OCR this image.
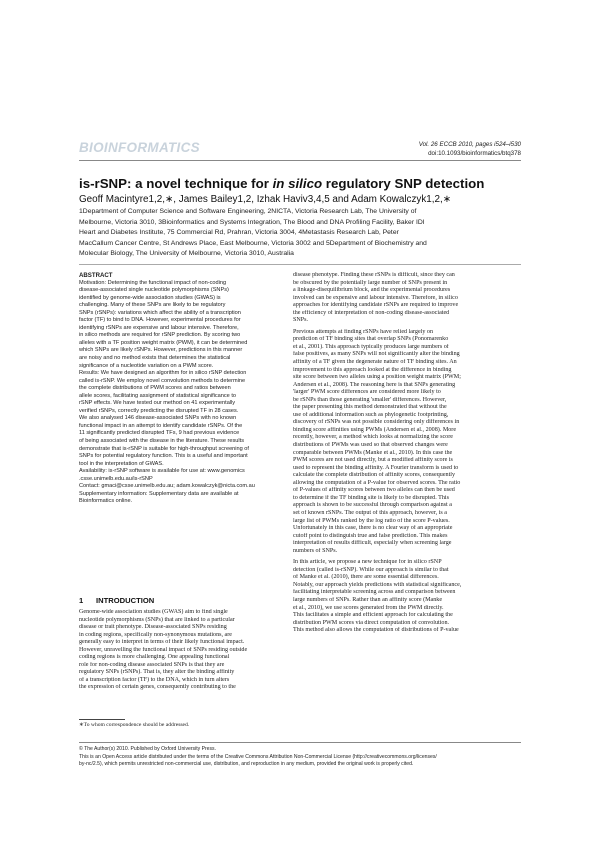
BIOINFORMATICS	Vol. 26 ECCB 2010, pages i524–i530
doi:10.1093/bioinformatics/btq378
is-rSNP: a novel technique for in silico regulatory SNP detection
Geoff Macintyre1,2,∗, James Bailey1,2, Izhak Haviv3,4,5 and Adam Kowalczyk1,2,∗
1Department of Computer Science and Software Engineering, 2NICTA, Victoria Research Lab, The University of
Melbourne, Victoria 3010, 3Bioinformatics and Systems Integration, The Blood and DNA Profiling Facility, Baker IDI
Heart and Diabetes Institute, 75 Commercial Rd, Prahran, Victoria 3004, 4Metastasis Research Lab, Peter
MacCallum Cancer Centre, St Andrews Place, East Melbourne, Victoria 3002 and 5Department of Biochemistry and
Molecular Biology, The University of Melbourne, Victoria 3010, Australia
ABSTRACT
Motivation: Determining the functional impact of non-coding
disease-associated single nucleotide polymorphisms (SNPs)
identified by genome-wide association studies (GWAS) is
challenging. Many of these SNPs are likely to be regulatory
SNPs (rSNPs): variations which affect the ability of a transcription
factor (TF) to bind to DNA. However, experimental procedures for
identifying rSNPs are expensive and labour intensive. Therefore,
in silico methods are required for rSNP prediction. By scoring two
alleles with a TF position weight matrix (PWM), it can be determined
which SNPs are likely rSNPs. However, predictions in this manner
are noisy and no method exists that determines the statistical
significance of a nucleotide variation on a PWM score.
Results: We have designed an algorithm for in silico rSNP detection
called is-rSNP. We employ novel convolution methods to determine
the complete distributions of PWM scores and ratios between
allele scores, facilitating assignment of statistical significance to
rSNP effects. We have tested our method on 41 experimentally
verified rSNPs, correctly predicting the disrupted TF in 28 cases.
We also analysed 146 disease-associated SNPs with no known
functional impact in an attempt to identify candidate rSNPs. Of the
11 significantly predicted disrupted TFs, 9 had previous evidence
of being associated with the disease in the literature. These results
demonstrate that is-rSNP is suitable for high-throughput screening of
SNPs for potential regulatory function. This is a useful and important
tool in the interpretation of GWAS.
Availability: is-rSNP software is available for use at: www.genomics
.csse.unimelb.edu.au/is-rSNP
Contact: gmaci@csse.unimelb.edu.au; adam.kowalczyk@nicta.com.au
Supplementary information: Supplementary data are available at
Bioinformatics online.
1 INTRODUCTION
Genome-wide association studies (GWAS) aim to find single
nucleotide polymorphisms (SNPs) that are linked to a particular
disease or trait phenotype. Disease-associated SNPs residing
in coding regions, specifically non-synonymous mutations, are
generally easy to interpret in terms of their likely functional impact.
However, unravelling the functional impact of SNPs residing outside
coding regions is more challenging. One appealing functional
role for non-coding disease associated SNPs is that they are
regulatory SNPs (rSNPs). That is, they alter the binding affinity
of a transcription factor (TF) to the DNA, which in turn alters
the expression of certain genes, consequently contributing to the
disease phenotype. Finding these rSNPs is difficult, since they can
be obscured by the potentially large number of SNPs present in
a linkage-disequilibrium block, and the experimental procedures
involved can be expensive and labour intensive. Therefore, in silico
approaches for identifying candidate rSNPs are required to improve
the efficiency of interpretation of non-coding disease-associated
SNPs.
Previous attempts at finding rSNPs have relied largely on
prediction of TF binding sites that overlap SNPs (Ponomarenko
et al., 2001). This approach typically produces large numbers of
false positives, as many SNPs will not significantly alter the binding
affinity of a TF given the degenerate nature of TF binding sites. An
improvement to this approach looked at the difference in binding
site score between two alleles using a position weight matrix (PWM;
Andersen et al., 2008). The reasoning here is that SNPs generating
'larger' PWM score differences are considered more likely to
be rSNPs than those generating 'smaller' differences. However,
the paper presenting this method demonstrated that without the
use of additional information such as phylogenetic footprinting,
discovery of rSNPs was not possible considering only differences in
binding score affinities using PWMs (Andersen et al., 2008). More
recently, however, a method which looks at normalizing the score
distributions of PWMs was used so that observed changes were
comparable between PWMs (Manke et al., 2010). In this case the
PWM scores are not used directly, but a modified affinity score is
used to represent the binding affinity. A Fourier transform is used to
calculate the complete distribution of affinity scores, consequently
allowing the computation of a P-value for observed scores. The ratio
of P-values of affinity scores between two alleles can then be used
to determine if the TF binding site is likely to be disrupted. This
approach is shown to be successful through comparison against a
set of known rSNPs. The output of this approach, however, is a
large list of PWMs ranked by the log ratio of the score P-values.
Unfortunately in this case, there is no clear way of an appropriate
cutoff point to distinguish true and false prediction. This makes
interpretation of results difficult, especially when screening large
numbers of SNPs.
In this article, we propose a new technique for in silico rSNP
detection (called is-rSNP). While our approach is similar to that
of Manke et al. (2010), there are some essential differences.
Notably, our approach yields predictions with statistical significance,
facilitating interpretable screening across and comparison between
large numbers of SNPs. Rather than an affinity score (Manke
et al., 2010), we use scores generated from the PWM directly.
This facilitates a simple and efficient approach for calculating the
distribution PWM scores via direct computation of convolution.
This method also allows the computation of distributions of P-value
∗To whom correspondence should be addressed.
© The Author(s) 2010. Published by Oxford University Press.
This is an Open Access article distributed under the terms of the Creative Commons Attribution Non-Commercial License (http://creativecommons.org/licenses/
by-nc/2.5), which permits unrestricted non-commercial use, distribution, and reproduction in any medium, provided the original work is properly cited.
